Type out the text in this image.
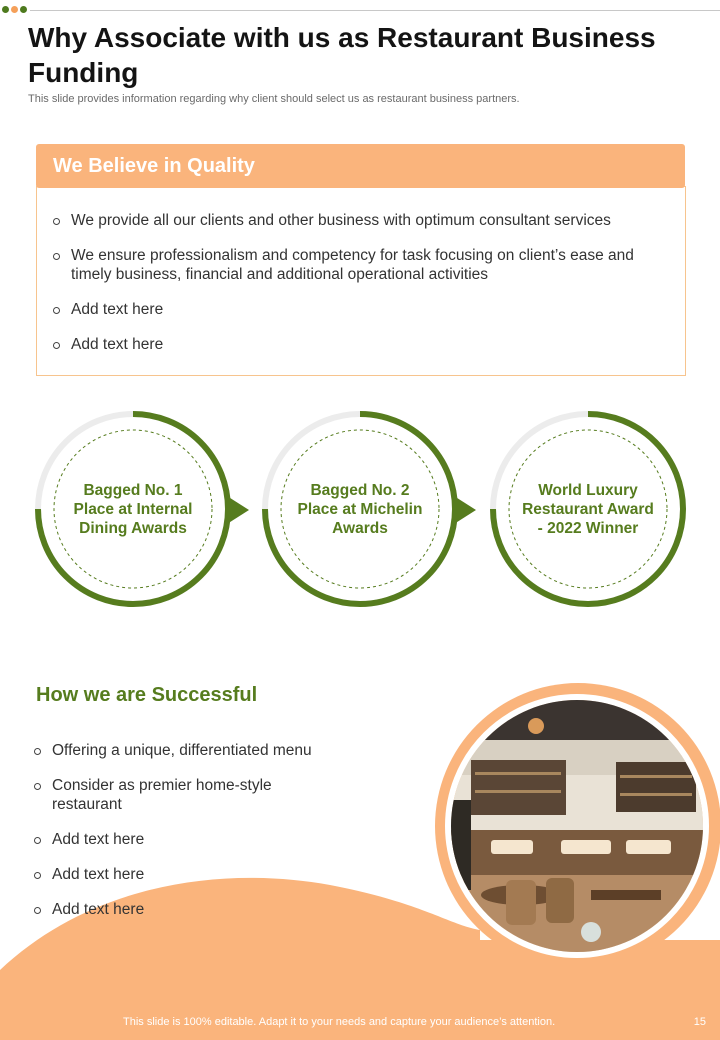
Why Associate with us as Restaurant Business Funding
This slide provides information regarding why client should select us as restaurant business partners.
We Believe in Quality
We provide all our clients and other business with optimum consultant services
We ensure professionalism and competency for task focusing on client’s ease and timely business, financial and additional operational activities
Add text here
Add text here
Bagged No. 1 Place at Internal Dining Awards
Bagged No. 2 Place at Michelin Awards
World Luxury Restaurant Award - 2022 Winner
How we are Successful
Offering a unique, differentiated menu
Consider as premier home-style restaurant
Add text here
Add text here
Add text here
This slide is 100% editable. Adapt it to your needs and capture your audience’s attention.	15
